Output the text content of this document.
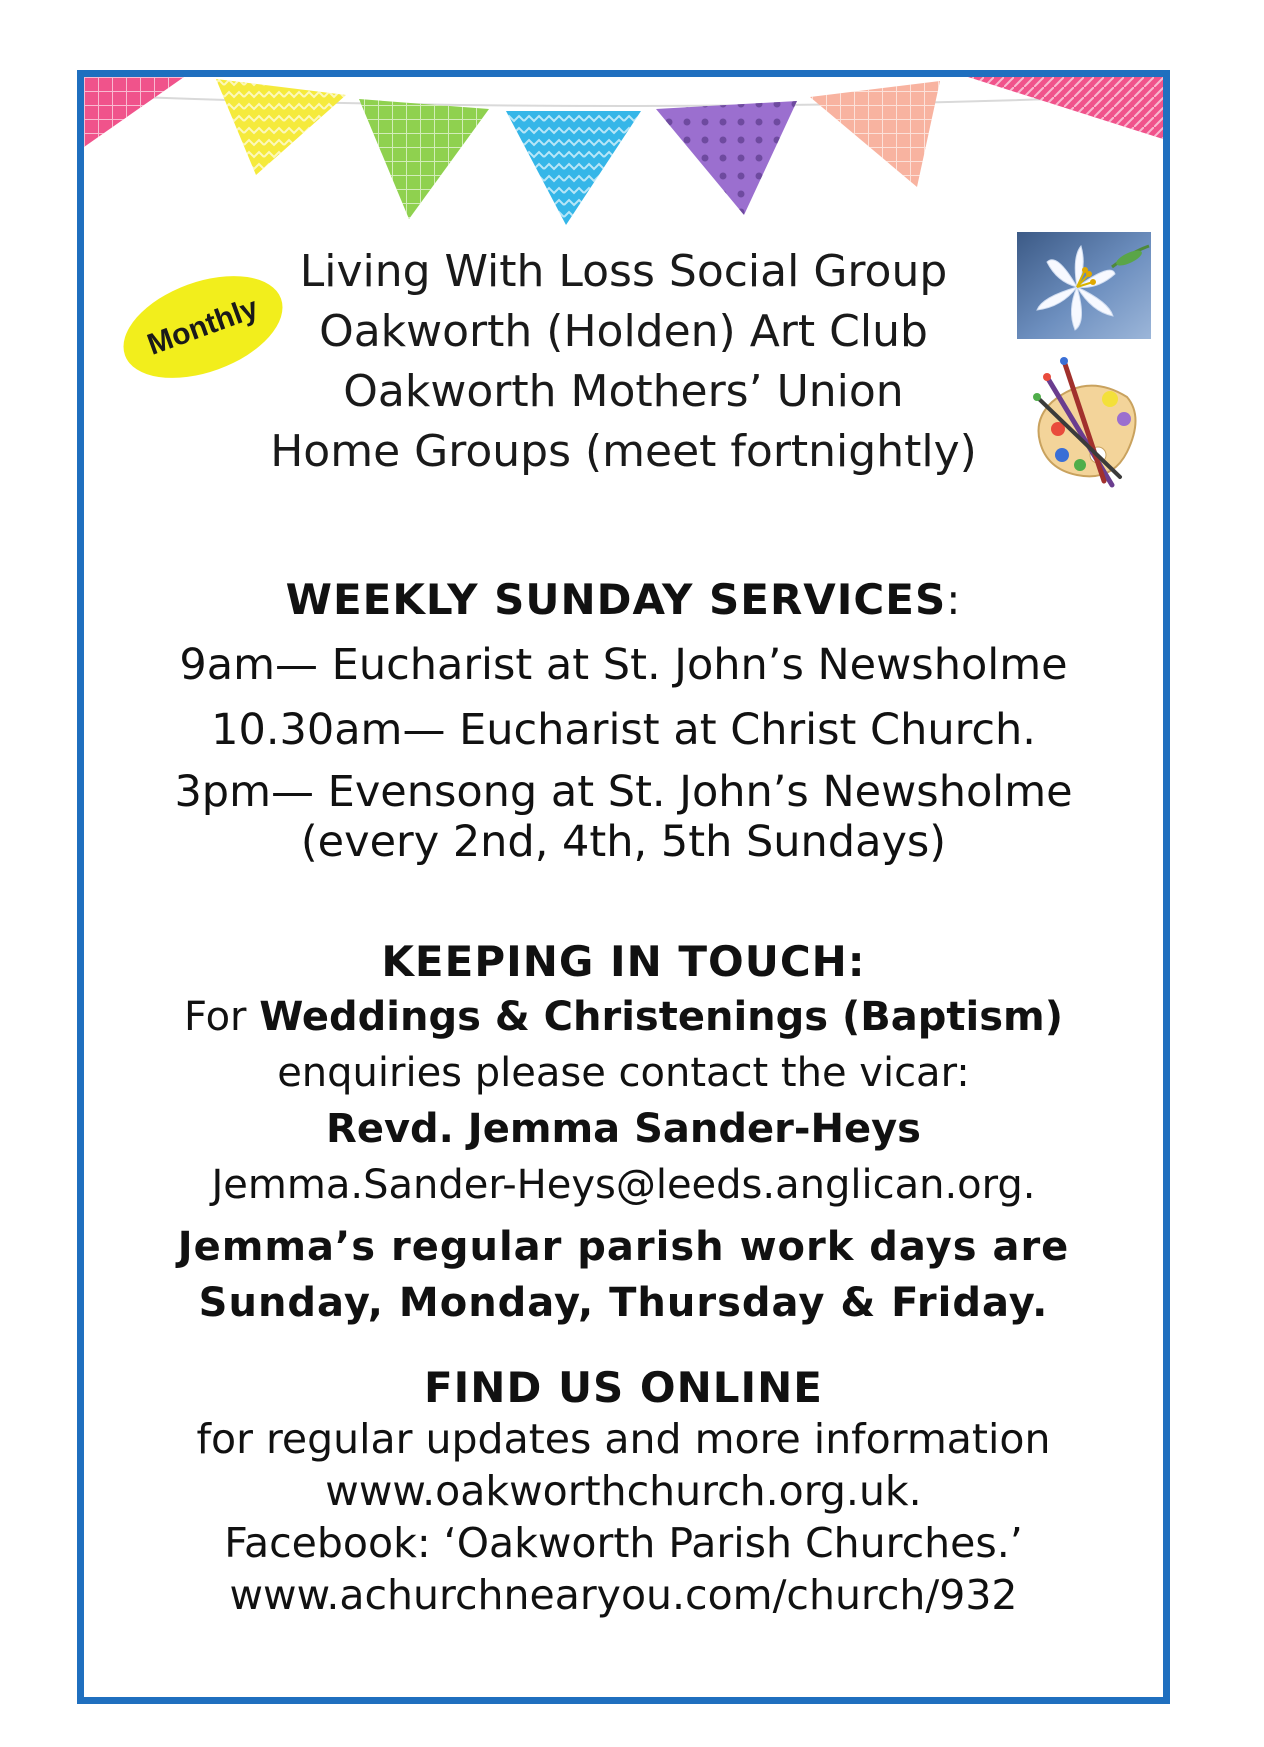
Monthly
Living With Loss Social Group
Oakworth (Holden) Art Club
Oakworth Mothers’ Union
Home Groups (meet fortnightly)
WEEKLY SUNDAY SERVICES:
9am— Eucharist at St. John’s Newsholme
10.30am— Eucharist at Christ Church.
3pm— Evensong at St. John’s Newsholme
(every 2nd, 4th, 5th Sundays)
KEEPING IN TOUCH:
For Weddings & Christenings (Baptism)
enquiries please contact the vicar:
Revd. Jemma Sander-Heys
Jemma.Sander-Heys@leeds.anglican.org.
Jemma’s regular parish work days are
Sunday, Monday, Thursday & Friday.
FIND US ONLINE
for regular updates and more information
www.oakworthchurch.org.uk.
Facebook: ‘Oakworth Parish Churches.’
www.achurchnearyou.com/church/932
